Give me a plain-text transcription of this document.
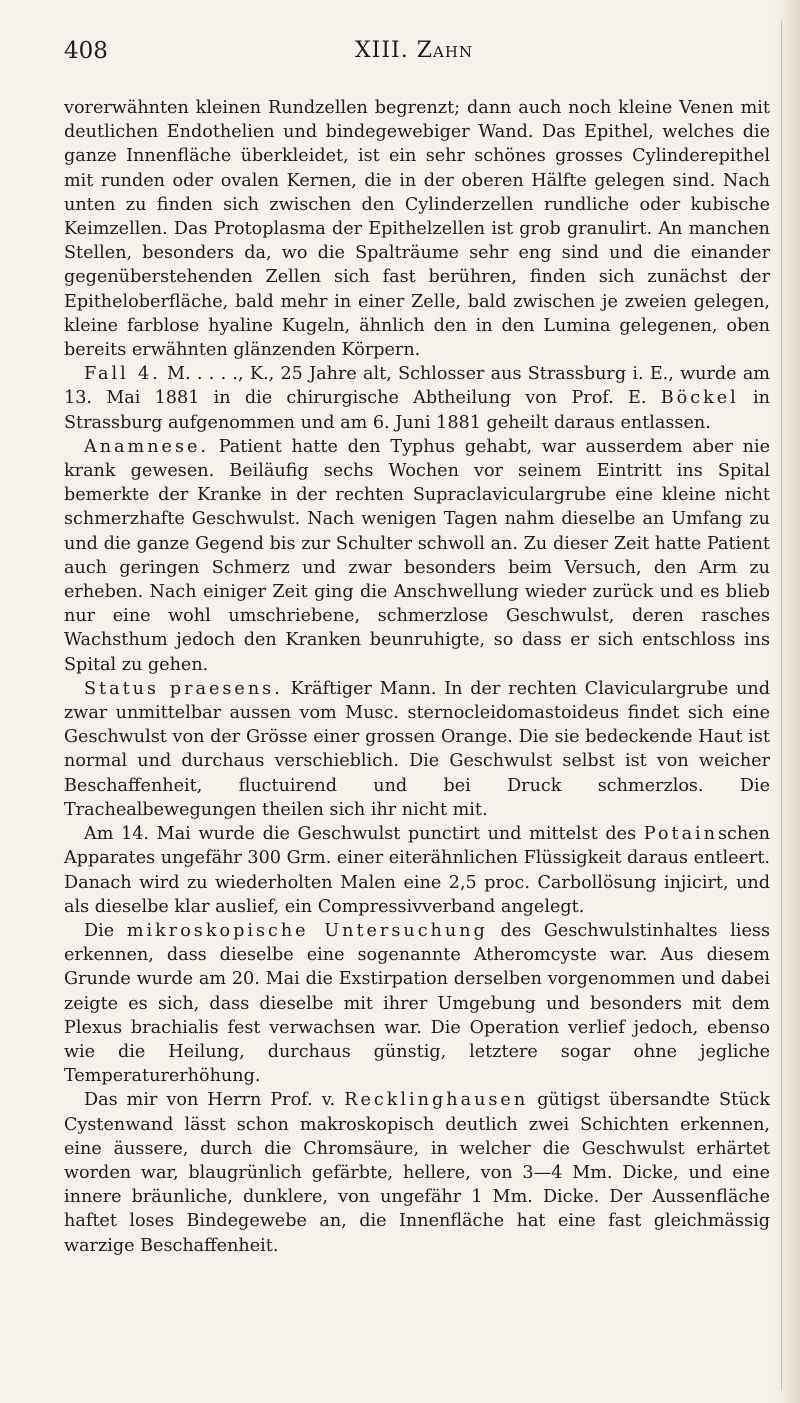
408	XIII. Zahn

vorerwähnten kleinen Rundzellen begrenzt; dann auch noch kleine Venen mit deutlichen Endothelien und bindegewebiger Wand. Das Epithel, welches die ganze Innenfläche überkleidet, ist ein sehr schönes grosses Cylinderepithel mit runden oder ovalen Kernen, die in der oberen Hälfte gelegen sind. Nach unten zu finden sich zwischen den Cylinderzellen rundliche oder kubische Keimzellen. Das Protoplasma der Epithelzellen ist grob granulirt. An manchen Stellen, besonders da, wo die Spalträume sehr eng sind und die einander gegenüberstehenden Zellen sich fast berühren, finden sich zunächst der Epitheloberfläche, bald mehr in einer Zelle, bald zwischen je zweien gelegen, kleine farblose hyaline Kugeln, ähnlich den in den Lumina gelegenen, oben bereits erwähnten glänzenden Körpern.

Fall 4. M. . . . ., K., 25 Jahre alt, Schlosser aus Strassburg i. E., wurde am 13. Mai 1881 in die chirurgische Abtheilung von Prof. E. Böckel in Strassburg aufgenommen und am 6. Juni 1881 geheilt daraus entlassen.

Anamnese. Patient hatte den Typhus gehabt, war ausserdem aber nie krank gewesen. Beiläufig sechs Wochen vor seinem Eintritt ins Spital bemerkte der Kranke in der rechten Supraclaviculargrube eine kleine nicht schmerzhafte Geschwulst. Nach wenigen Tagen nahm dieselbe an Umfang zu und die ganze Gegend bis zur Schulter schwoll an. Zu dieser Zeit hatte Patient auch geringen Schmerz und zwar besonders beim Versuch, den Arm zu erheben. Nach einiger Zeit ging die Anschwellung wieder zurück und es blieb nur eine wohl umschriebene, schmerzlose Geschwulst, deren rasches Wachsthum jedoch den Kranken beunruhigte, so dass er sich entschloss ins Spital zu gehen.

Status praesens. Kräftiger Mann. In der rechten Claviculargrube und zwar unmittelbar aussen vom Musc. sternocleidomastoideus findet sich eine Geschwulst von der Grösse einer grossen Orange. Die sie bedeckende Haut ist normal und durchaus verschieblich. Die Geschwulst selbst ist von weicher Beschaffenheit, fluctuirend und bei Druck schmerzlos. Die Trachealbewegungen theilen sich ihr nicht mit.

Am 14. Mai wurde die Geschwulst punctirt und mittelst des Potainschen Apparates ungefähr 300 Grm. einer eiterähnlichen Flüssigkeit daraus entleert. Danach wird zu wiederholten Malen eine 2,5 proc. Carbollösung injicirt, und als dieselbe klar auslief, ein Compressivverband angelegt.

Die mikroskopische Untersuchung des Geschwulstinhaltes liess erkennen, dass dieselbe eine sogenannte Atheromcyste war. Aus diesem Grunde wurde am 20. Mai die Exstirpation derselben vorgenommen und dabei zeigte es sich, dass dieselbe mit ihrer Umgebung und besonders mit dem Plexus brachialis fest verwachsen war. Die Operation verlief jedoch, ebenso wie die Heilung, durchaus günstig, letztere sogar ohne jegliche Temperaturerhöhung.

Das mir von Herrn Prof. v. Recklinghausen gütigst übersandte Stück Cystenwand lässt schon makroskopisch deutlich zwei Schichten erkennen, eine äussere, durch die Chromsäure, in welcher die Geschwulst erhärtet worden war, blaugrünlich gefärbte, hellere, von 3—4 Mm. Dicke, und eine innere bräunliche, dunklere, von ungefähr 1 Mm. Dicke. Der Aussenfläche haftet loses Bindegewebe an, die Innenfläche hat eine fast gleichmässig warzige Beschaffenheit.
